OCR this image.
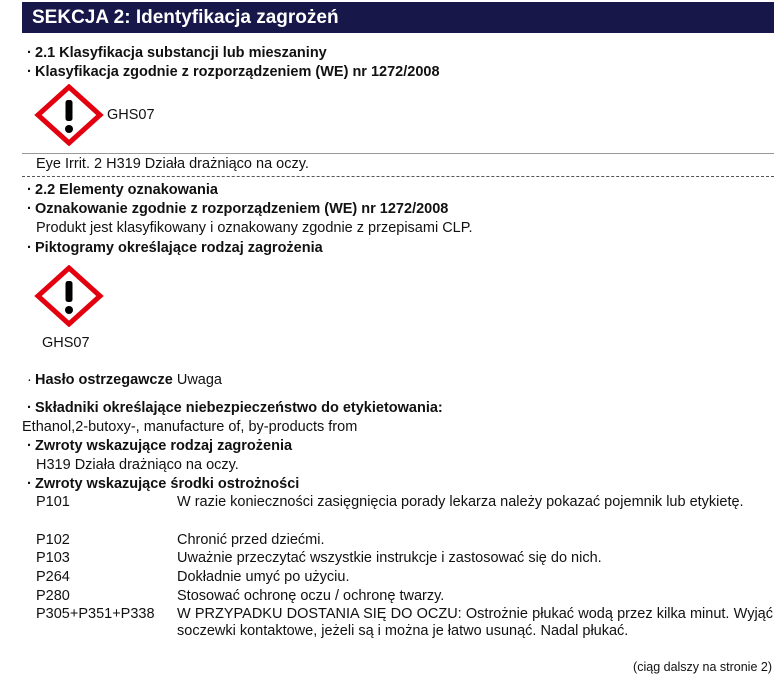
SEKCJA 2: Identyfikacja zagrożeń
· 2.1 Klasyfikacja substancji lub mieszaniny
· Klasyfikacja zgodnie z rozporządzeniem (WE) nr 1272/2008
GHS07
Eye Irrit. 2 H319 Działa drażniąco na oczy.
· 2.2 Elementy oznakowania
· Oznakowanie zgodnie z rozporządzeniem (WE) nr 1272/2008
Produkt jest klasyfikowany i oznakowany zgodnie z przepisami CLP.
· Piktogramy określające rodzaj zagrożenia
GHS07
· Hasło ostrzegawcze Uwaga
· Składniki określające niebezpieczeństwo do etykietowania:
Ethanol,2-butoxy-, manufacture of, by-products from
· Zwroty wskazujące rodzaj zagrożenia
H319 Działa drażniąco na oczy.
· Zwroty wskazujące środki ostrożności
P101	W razie konieczności zasięgnięcia porady lekarza należy pokazać pojemnik lub etykietę.
P102	Chronić przed dziećmi.
P103	Uważnie przeczytać wszystkie instrukcje i zastosować się do nich.
P264	Dokładnie umyć po użyciu.
P280	Stosować ochronę oczu / ochronę twarzy.
P305+P351+P338	W PRZYPADKU DOSTANIA SIĘ DO OCZU: Ostrożnie płukać wodą przez kilka minut. Wyjąć soczewki kontaktowe, jeżeli są i można je łatwo usunąć. Nadal płukać.
(ciąg dalszy na stronie 2)
